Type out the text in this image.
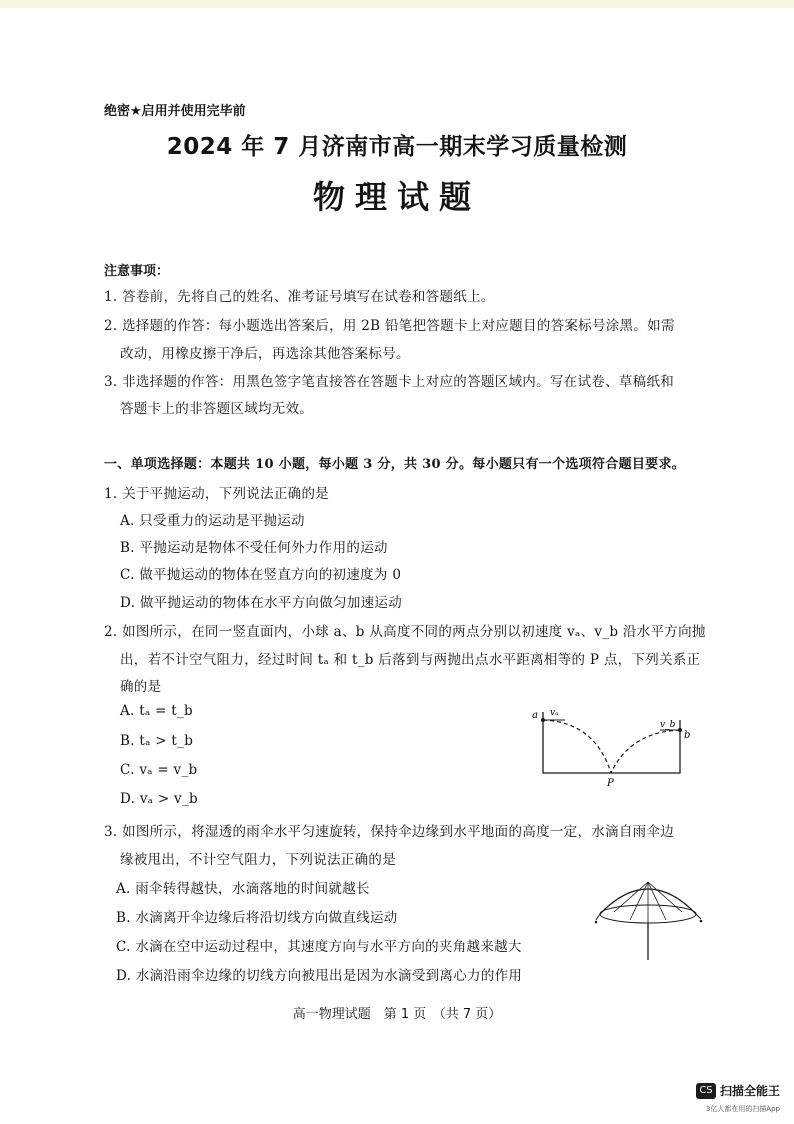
绝密★启用并使用完毕前
2024 年 7 月济南市高一期末学习质量检测
物理试题
注意事项：
1. 答卷前，先将自己的姓名、准考证号填写在试卷和答题纸上。
2. 选择题的作答：每小题选出答案后，用 2B 铅笔把答题卡上对应题目的答案标号涂黑。如需
改动，用橡皮擦干净后，再选涂其他答案标号。
3. 非选择题的作答：用黑色签字笔直接答在答题卡上对应的答题区域内。写在试卷、草稿纸和
答题卡上的非答题区域均无效。
一、单项选择题：本题共 10 小题，每小题 3 分，共 30 分。每小题只有一个选项符合题目要求。
1. 关于平抛运动，下列说法正确的是
A. 只受重力的运动是平抛运动
B. 平抛运动是物体不受任何外力作用的运动
C. 做平抛运动的物体在竖直方向的初速度为 0
D. 做平抛运动的物体在水平方向做匀加速运动
2. 如图所示，在同一竖直面内，小球 a、b 从高度不同的两点分别以初速度 vₐ、v_b 沿水平方向抛
出，若不计空气阻力，经过时间 tₐ 和 t_b 后落到与两抛出点水平距离相等的 P 点，下列关系正
确的是
A. tₐ = t_b
B. tₐ > t_b
C. vₐ = v_b
D. vₐ > v_b
a
b
vₐ
v_b
P
3. 如图所示，将湿透的雨伞水平匀速旋转，保持伞边缘到水平地面的高度一定，水滴自雨伞边
缘被甩出，不计空气阻力，下列说法正确的是
A. 雨伞转得越快，水滴落地的时间就越长
B. 水滴离开伞边缘后将沿切线方向做直线运动
C. 水滴在空中运动过程中，其速度方向与水平方向的夹角越来越大
D. 水滴沿雨伞边缘的切线方向被甩出是因为水滴受到离心力的作用
高一物理试题　第 1 页　（共 7 页）
CS 扫描全能王
3亿人都在用的扫描App
